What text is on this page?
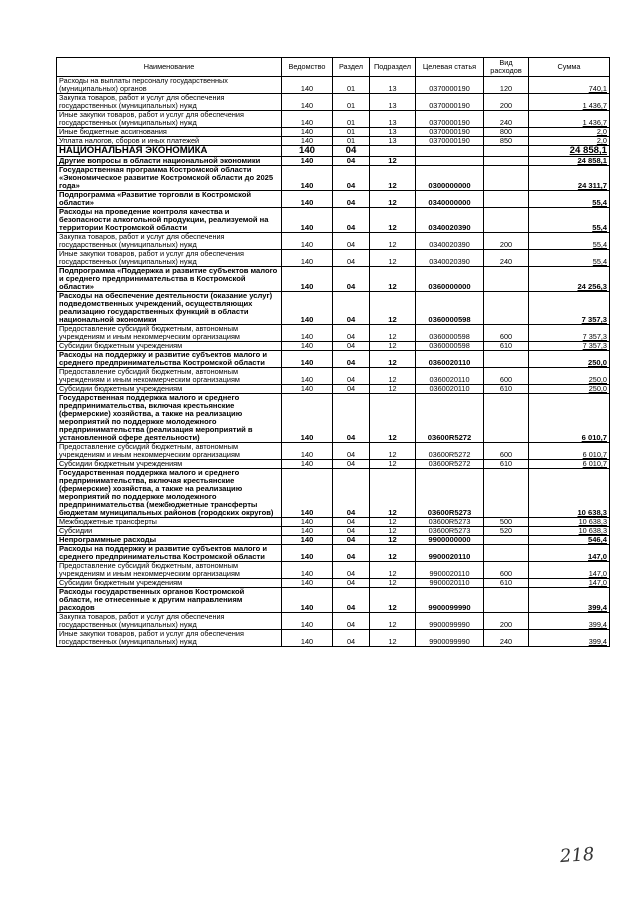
Наименование	Ведомство	Раздел	Подраздел	Целевая статья	Вид расходов	Сумма
Расходы на выплаты персоналу государственных (муниципальных) органов	140	01	13	0370000190	120	740,1
Закупка товаров, работ и услуг для обеспечения государственных (муниципальных) нужд	140	01	13	0370000190	200	1 436,7
Иные закупки товаров, работ и услуг для обеспечения государственных (муниципальных) нужд	140	01	13	0370000190	240	1 436,7
Иные бюджетные ассигнования	140	01	13	0370000190	800	2,0
Уплата налогов, сборов и иных платежей	140	01	13	0370000190	850	2,0
НАЦИОНАЛЬНАЯ ЭКОНОМИКА	140	04				24 858,1
Другие вопросы в области национальной экономики	140	04	12			24 858,1
Государственная программа Костромской области «Экономическое развитие Костромской области до 2025 года»	140	04	12	0300000000		24 311,7
Подпрограмма «Развитие торговли в Костромской области»	140	04	12	0340000000		55,4
Расходы на проведение контроля качества и безопасности алкогольной продукции, реализуемой на территории Костромской области	140	04	12	0340020390		55,4
Закупка товаров, работ и услуг для обеспечения государственных (муниципальных) нужд	140	04	12	0340020390	200	55,4
Иные закупки товаров, работ и услуг для обеспечения государственных (муниципальных) нужд	140	04	12	0340020390	240	55,4
Подпрограмма «Поддержка и развитие субъектов малого и среднего предпринимательства в Костромской области»	140	04	12	0360000000		24 256,3
Расходы на обеспечение деятельности (оказание услуг) подведомственных учреждений, осуществляющих реализацию государственных функций в области национальной экономики	140	04	12	0360000598		7 357,3
Предоставление субсидий бюджетным, автономным учреждениям и иным некоммерческим организациям	140	04	12	0360000598	600	7 357,3
Субсидии бюджетным учреждениям	140	04	12	0360000598	610	7 357,3
Расходы на поддержку и развитие субъектов малого и среднего предпринимательства Костромской области	140	04	12	0360020110		250,0
Предоставление субсидий бюджетным, автономным учреждениям и иным некоммерческим организациям	140	04	12	0360020110	600	250,0
Субсидии бюджетным учреждениям	140	04	12	0360020110	610	250,0
Государственная поддержка малого и среднего предпринимательства, включая крестьянские (фермерские) хозяйства, а также на реализацию мероприятий по поддержке молодежного предпринимательства (реализация мероприятий в установленной сфере деятельности)	140	04	12	03600R5272		6 010,7
Предоставление субсидий бюджетным, автономным учреждениям и иным некоммерческим организациям	140	04	12	03600R5272	600	6 010,7
Субсидии бюджетным учреждениям	140	04	12	03600R5272	610	6 010,7
Государственная поддержка малого и среднего предпринимательства, включая крестьянские (фермерские) хозяйства, а также на реализацию мероприятий по поддержке молодежного предпринимательства (межбюджетные трансферты бюджетам муниципальных районов (городских округов)	140	04	12	03600R5273		10 638,3
Межбюджетные трансферты	140	04	12	03600R5273	500	10 638,3
Субсидии	140	04	12	03600R5273	520	10 638,3
Непрограммные расходы	140	04	12	9900000000		546,4
Расходы на поддержку и развитие субъектов малого и среднего предпринимательства Костромской области	140	04	12	9900020110		147,0
Предоставление субсидий бюджетным, автономным учреждениям и иным некоммерческим организациям	140	04	12	9900020110	600	147,0
Субсидии бюджетным учреждениям	140	04	12	9900020110	610	147,0
Расходы государственных органов Костромской области, не отнесенные к другим направлениям расходов	140	04	12	9900099990		399,4
Закупка товаров, работ и услуг для обеспечения государственных (муниципальных) нужд	140	04	12	9900099990	200	399,4
Иные закупки товаров, работ и услуг для обеспечения государственных (муниципальных) нужд	140	04	12	9900099990	240	399,4
218
